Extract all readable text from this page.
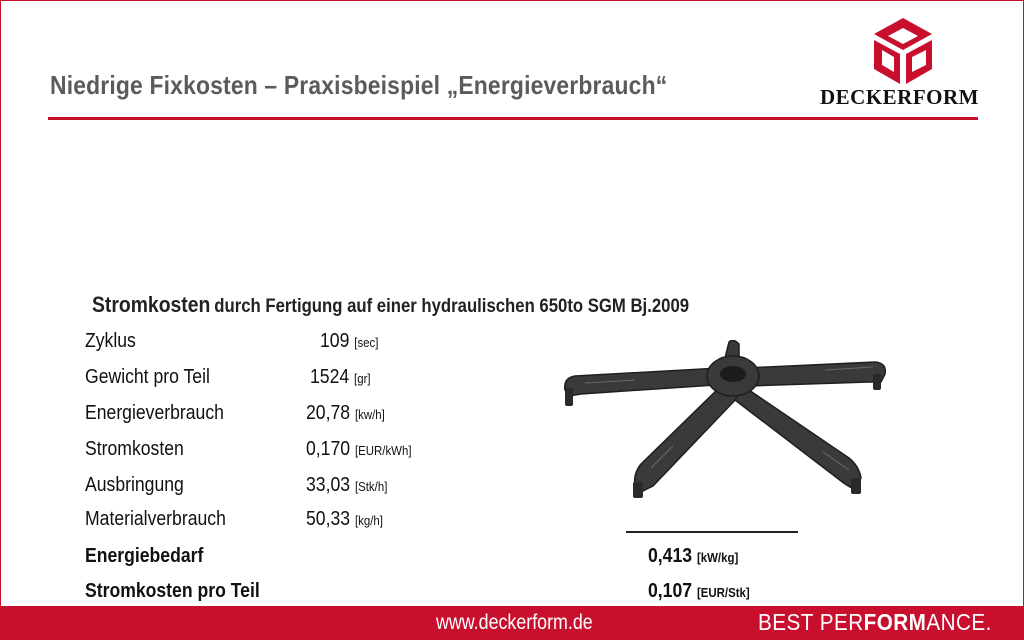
Niedrige Fixkosten – Praxisbeispiel „Energieverbrauch“	DECKERFORM
Stromkosten durch Fertigung auf einer hydraulischen 650to SGM Bj.2009
Zyklus	109 [sec]
Gewicht pro Teil	1524 [gr]
Energieverbrauch	20,78 [kw/h]
Stromkosten	0,170 [EUR/kWh]
Ausbringung	33,03 [Stk/h]
Materialverbrauch	50,33 [kg/h]
Energiebedarf	0,413 [kW/kg]
Stromkosten pro Teil	0,107 [EUR/Stk]
www.deckerform.de	BEST PERFORMANCE.
